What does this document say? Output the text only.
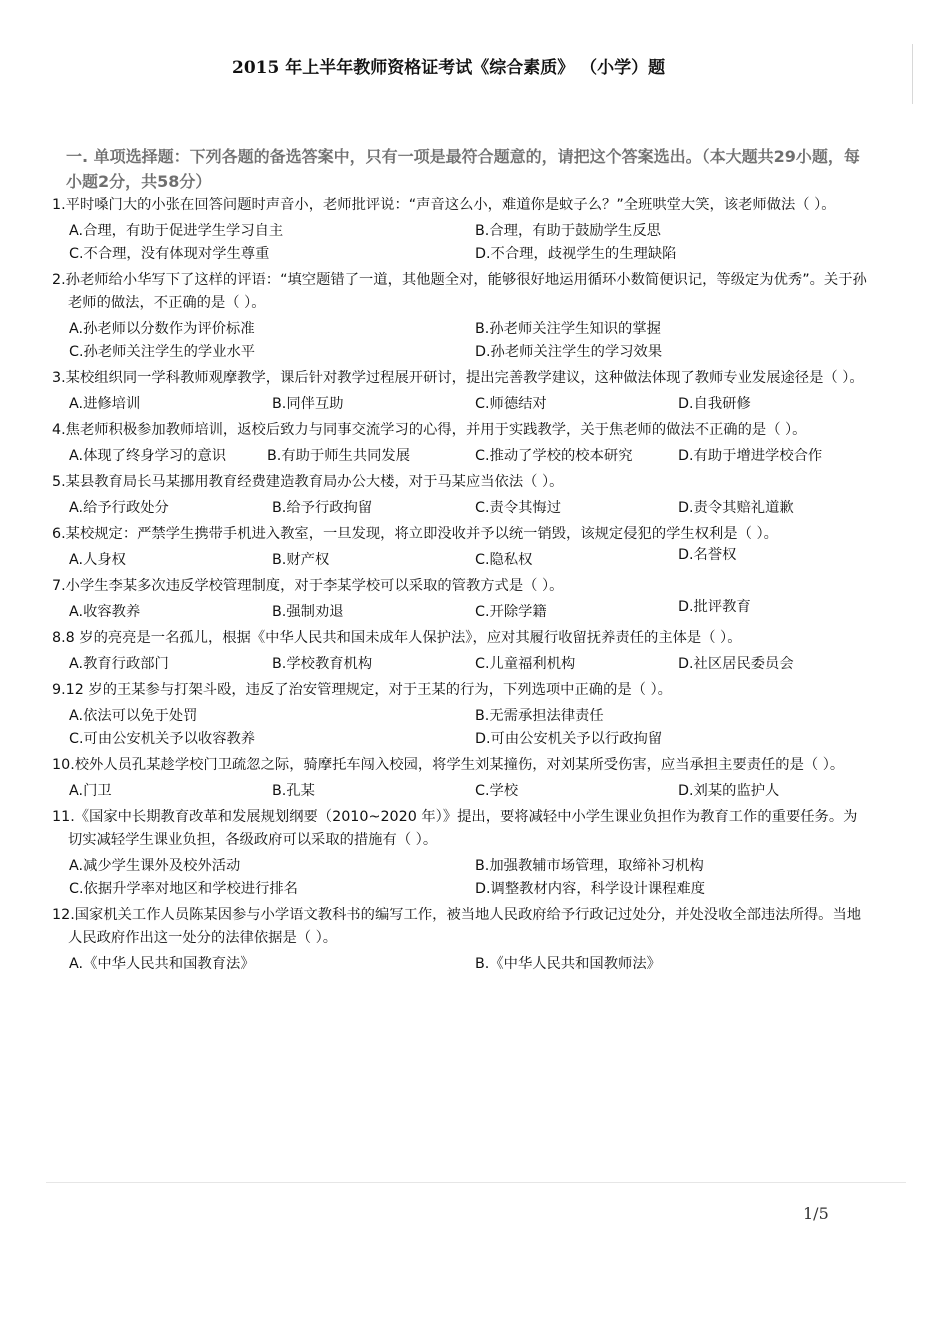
2015 年上半年教师资格证考试《综合素质》 （小学）题
一. 单项选择题：下列各题的备选答案中，只有一项是最符合题意的，请把这个答案选出。（本大题共29小题，每小题2分，共58分）
1.平时嗓门大的小张在回答问题时声音小，老师批评说：“声音这么小，难道你是蚊子么？”全班哄堂大笑，该老师做法（ ）。
A.合理，有助于促进学生学习自主	B.合理，有助于鼓励学生反思
C.不合理，没有体现对学生尊重	D.不合理，歧视学生的生理缺陷
2.孙老师给小华写下了这样的评语：“填空题错了一道，其他题全对，能够很好地运用循环小数简便识记，等级定为优秀”。关于孙老师的做法，不正确的是（ ）。
A.孙老师以分数作为评价标准	B.孙老师关注学生知识的掌握
C.孙老师关注学生的学业水平	D.孙老师关注学生的学习效果
3.某校组织同一学科教师观摩教学，课后针对教学过程展开研讨，提出完善教学建议，这种做法体现了教师专业发展途径是（ ）。
A.进修培训	B.同伴互助	C.师德结对	D.自我研修
4.焦老师积极参加教师培训，返校后致力与同事交流学习的心得，并用于实践教学，关于焦老师的做法不正确的是（ ）。
A.体现了终身学习的意识	B.有助于师生共同发展	C.推动了学校的校本研究	D.有助于增进学校合作
5.某县教育局长马某挪用教育经费建造教育局办公大楼，对于马某应当依法（ ）。
A.给予行政处分	B.给予行政拘留	C.责令其悔过	D.责令其赔礼道歉
6.某校规定：严禁学生携带手机进入教室，一旦发现，将立即没收并予以统一销毁，该规定侵犯的学生权利是（ ）。
A.人身权	B.财产权	C.隐私权	D.名誉权
7.小学生李某多次违反学校管理制度，对于李某学校可以采取的管教方式是（ ）。
A.收容教养	B.强制劝退	C.开除学籍	D.批评教育
8.8 岁的亮亮是一名孤儿，根据《中华人民共和国未成年人保护法》，应对其履行收留抚养责任的主体是（ ）。
A.教育行政部门	B.学校教育机构	C.儿童福利机构	D.社区居民委员会
9.12 岁的王某参与打架斗殴，违反了治安管理规定，对于王某的行为，下列选项中正确的是（ ）。
A.依法可以免于处罚	B.无需承担法律责任
C.可由公安机关予以收容教养	D.可由公安机关予以行政拘留
10.校外人员孔某趁学校门卫疏忽之际，骑摩托车闯入校园，将学生刘某撞伤，对刘某所受伤害，应当承担主要责任的是（ ）。
A.门卫	B.孔某	C.学校	D.刘某的监护人
11.《国家中长期教育改革和发展规划纲要（2010~2020 年）》提出，要将减轻中小学生课业负担作为教育工作的重要任务。为切实减轻学生课业负担，各级政府可以采取的措施有（ ）。
A.减少学生课外及校外活动	B.加强教辅市场管理，取缔补习机构
C.依据升学率对地区和学校进行排名	D.调整教材内容，科学设计课程难度
12.国家机关工作人员陈某因参与小学语文教科书的编写工作，被当地人民政府给予行政记过处分，并处没收全部违法所得。当地人民政府作出这一处分的法律依据是（ ）。
A.《中华人民共和国教育法》	B.《中华人民共和国教师法》
1/5
